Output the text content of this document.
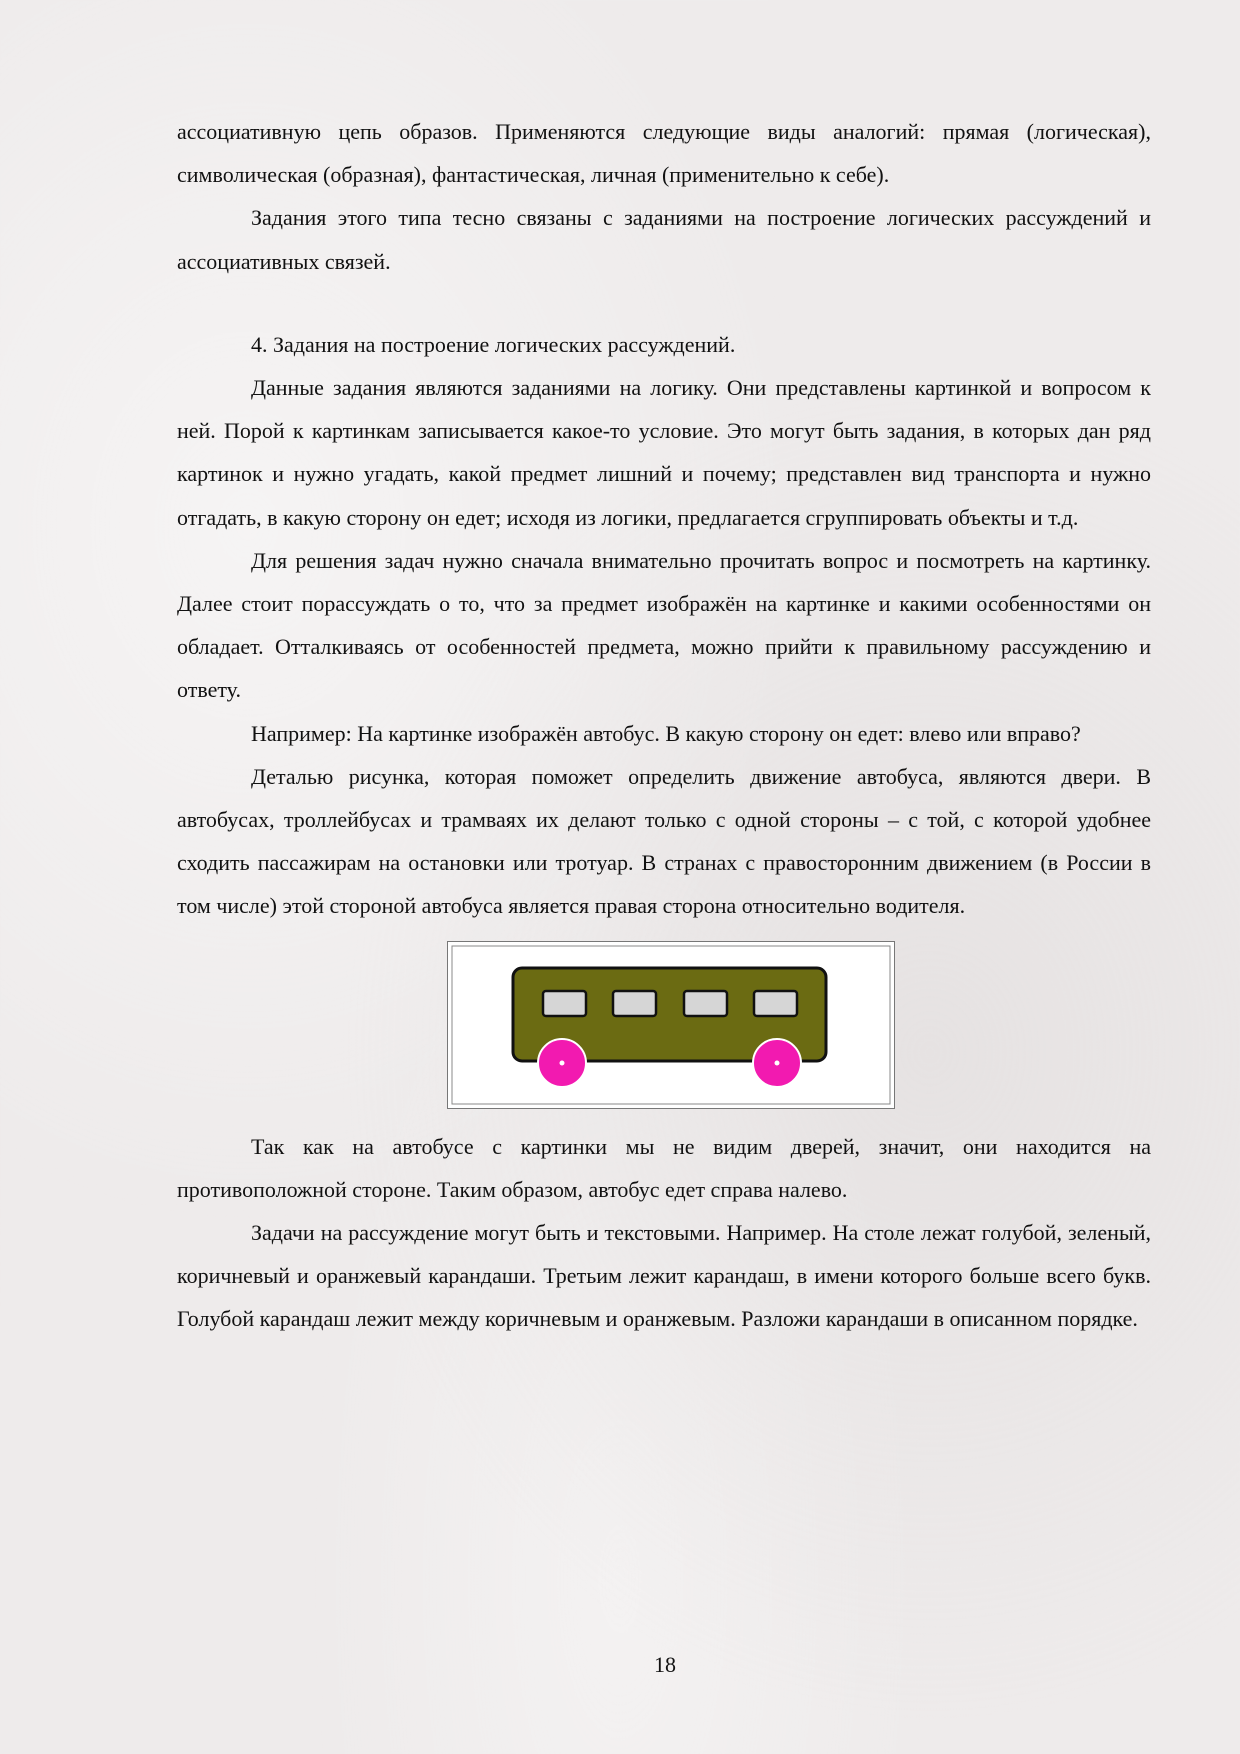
ассоциативную цепь образов. Применяются следующие виды аналогий: прямая (логическая), символическая (образная), фантастическая, личная (применительно к себе).

Задания этого типа тесно связаны с заданиями на построение логических рассуждений и ассоциативных связей.

4. Задания на построение логических рассуждений.

Данные задания являются заданиями на логику. Они представлены картинкой и вопросом к ней. Порой к картинкам записывается какое-то условие. Это могут быть задания, в которых дан ряд картинок и нужно угадать, какой предмет лишний и почему; представлен вид транспорта и нужно отгадать, в какую сторону он едет; исходя из логики, предлагается сгруппировать объекты и т.д.

Для решения задач нужно сначала внимательно прочитать вопрос и посмотреть на картинку. Далее стоит порассуждать о то, что за предмет изображён на картинке и какими особенностями он обладает. Отталкиваясь от особенностей предмета, можно прийти к правильному рассуждению и ответу.

Например: На картинке изображён автобус. В какую сторону он едет: влево или вправо?

Деталью рисунка, которая поможет определить движение автобуса, являются двери. В автобусах, троллейбусах и трамваях их делают только с одной стороны – с той, с которой удобнее сходить пассажирам на остановки или тротуар. В странах с правосторонним движением (в России в том числе) этой стороной автобуса является правая сторона относительно водителя.

Так как на автобусе с картинки мы не видим дверей, значит, они находится на противоположной стороне. Таким образом, автобус едет справа налево.

Задачи на рассуждение могут быть и текстовыми. Например. На столе лежат голубой, зеленый, коричневый и оранжевый карандаши. Третьим лежит карандаш, в имени которого больше всего букв. Голубой карандаш лежит между коричневым и оранжевым. Разложи карандаши в описанном порядке.

18
